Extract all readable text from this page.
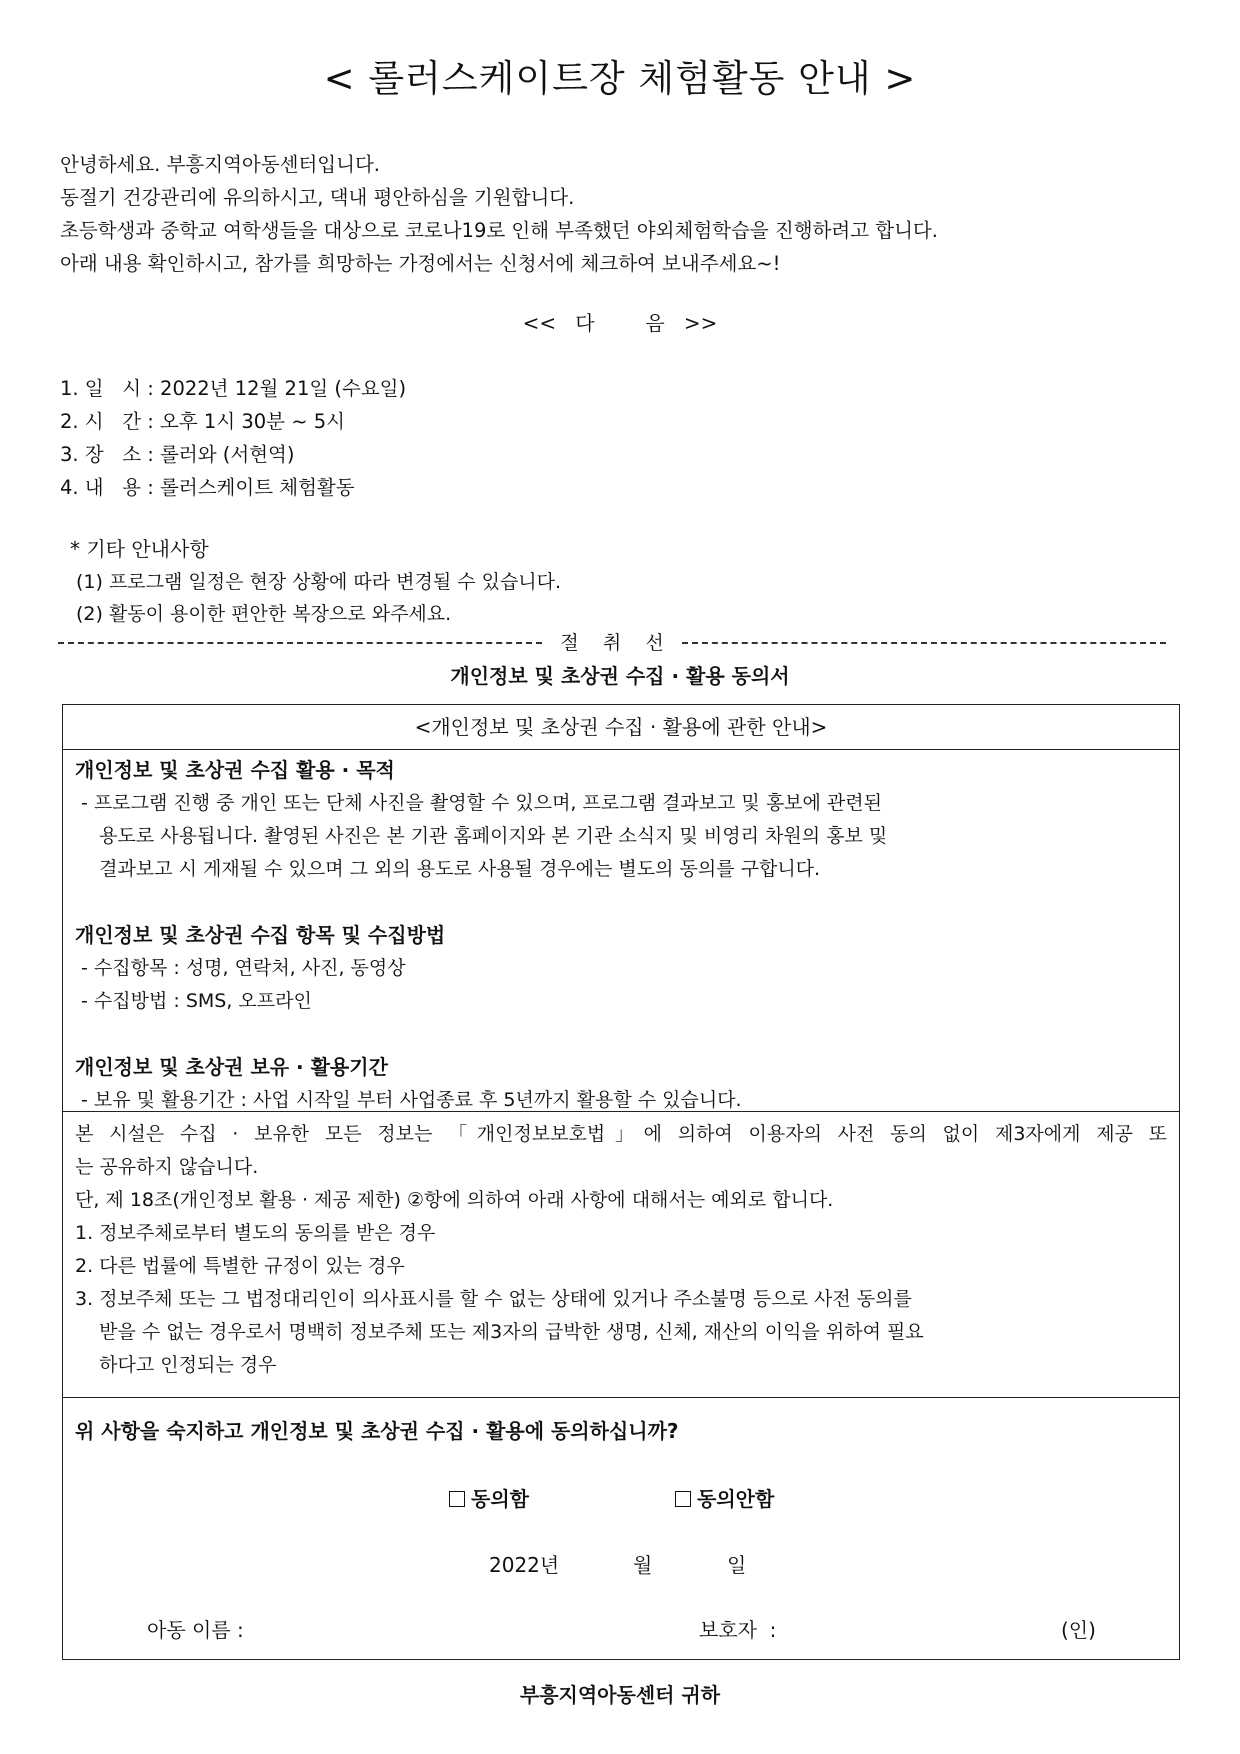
< 롤러스케이트장 체험활동 안내 >
안녕하세요. 부흥지역아동센터입니다.
동절기 건강관리에 유의하시고, 댁내 평안하심을 기원합니다.
초등학생과 중학교 여학생들을 대상으로 코로나19로 인해 부족했던 야외체험학습을 진행하려고 합니다.
아래 내용 확인하시고, 참가를 희망하는 가정에서는 신청서에 체크하여 보내주세요~!
<<   다        음   >>
1. 일   시 : 2022년 12월 21일 (수요일)
2. 시   간 : 오후 1시 30분 ~ 5시
3. 장   소 : 롤러와 (서현역)
4. 내   용 : 롤러스케이트 체험활동
* 기타 안내사항
(1) 프로그램 일정은 현장 상황에 따라 변경될 수 있습니다.
(2) 활동이 용이한 편안한 복장으로 와주세요.
절    취    선
개인정보 및 초상권 수집 · 활용 동의서
<개인정보 및 초상권 수집 · 활용에 관한 안내>
개인정보 및 초상권 수집 활용 · 목적
- 프로그램 진행 중 개인 또는 단체 사진을 촬영할 수 있으며, 프로그램 결과보고 및 홍보에 관련된
용도로 사용됩니다. 촬영된 사진은 본 기관 홈페이지와 본 기관 소식지 및 비영리 차원의 홍보 및
결과보고 시 게재될 수 있으며 그 외의 용도로 사용될 경우에는 별도의 동의를 구합니다.
개인정보 및 초상권 수집 항목 및 수집방법
- 수집항목 : 성명, 연락처, 사진, 동영상
- 수집방법 : SMS, 오프라인
개인정보 및 초상권 보유 · 활용기간
- 보유 및 활용기간 : 사업 시작일 부터 사업종료 후 5년까지 활용할 수 있습니다.
본 시설은 수집 · 보유한 모든 정보는 「개인정보보호법」에 의하여 이용자의 사전 동의 없이 제3자에게 제공 또
는 공유하지 않습니다.
단, 제 18조(개인정보 활용 · 제공 제한) ②항에 의하여 아래 사항에 대해서는 예외로 합니다.
1. 정보주체로부터 별도의 동의를 받은 경우
2. 다른 법률에 특별한 규정이 있는 경우
3. 정보주체 또는 그 법정대리인이 의사표시를 할 수 없는 상태에 있거나 주소불명 등으로 사전 동의를
받을 수 없는 경우로서 명백히 정보주체 또는 제3자의 급박한 생명, 신체, 재산의 이익을 위하여 필요
하다고 인정되는 경우
위 사항을 숙지하고 개인정보 및 초상권 수집 · 활용에 동의하십니까?
동의함	동의안함
2022년	월	일
아동 이름 :	보호자  :	(인)
부흥지역아동센터 귀하
